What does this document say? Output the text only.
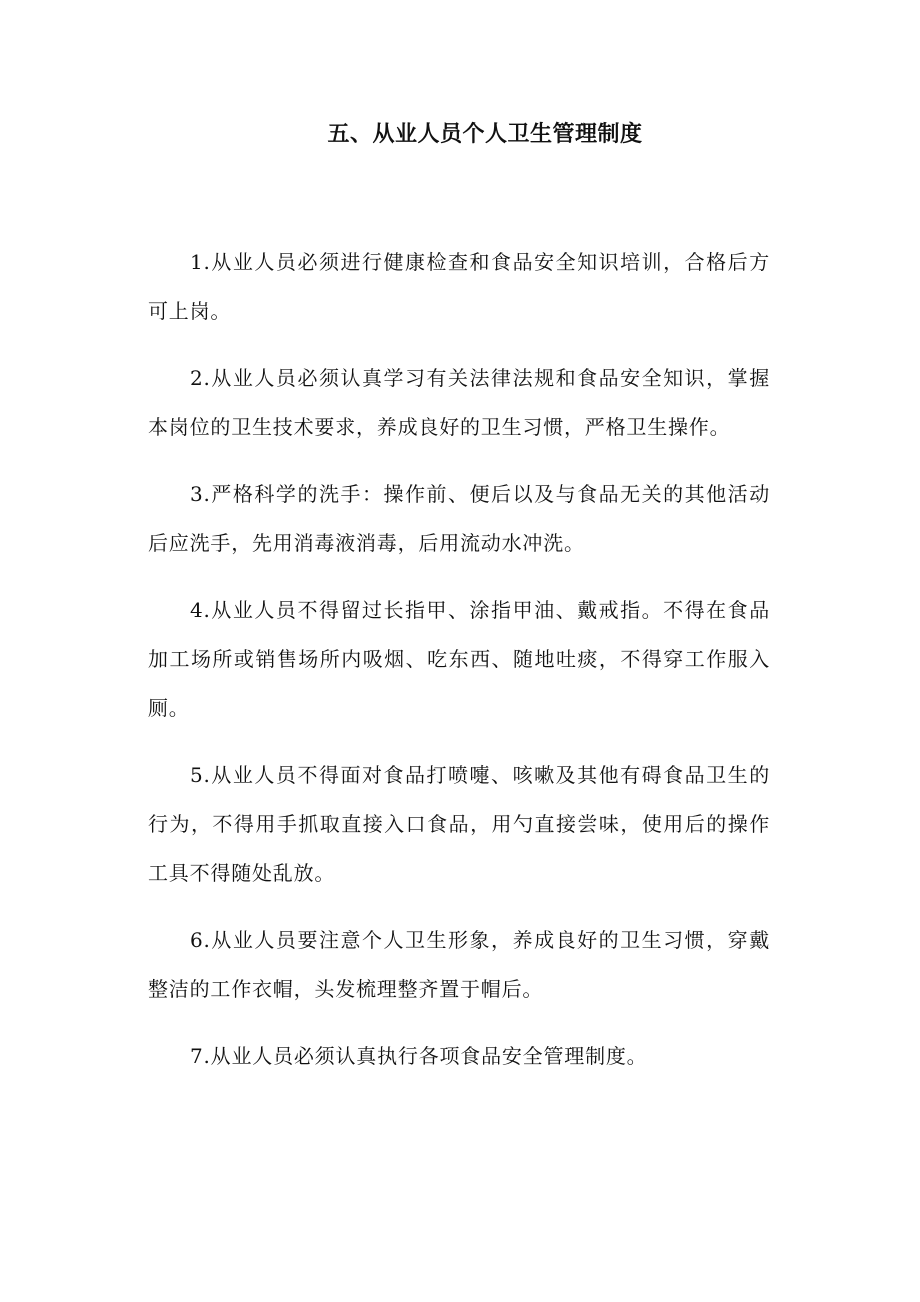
五、从业人员个人卫生管理制度

1.从业人员必须进行健康检查和食品安全知识培训，合格后方可上岗。

2.从业人员必须认真学习有关法律法规和食品安全知识，掌握本岗位的卫生技术要求，养成良好的卫生习惯，严格卫生操作。

3.严格科学的洗手：操作前、便后以及与食品无关的其他活动后应洗手，先用消毒液消毒，后用流动水冲洗。

4.从业人员不得留过长指甲、涂指甲油、戴戒指。不得在食品加工场所或销售场所内吸烟、吃东西、随地吐痰，不得穿工作服入厕。

5.从业人员不得面对食品打喷嚏、咳嗽及其他有碍食品卫生的行为，不得用手抓取直接入口食品，用勺直接尝味，使用后的操作工具不得随处乱放。

6.从业人员要注意个人卫生形象，养成良好的卫生习惯，穿戴整洁的工作衣帽，头发梳理整齐置于帽后。

7.从业人员必须认真执行各项食品安全管理制度。
